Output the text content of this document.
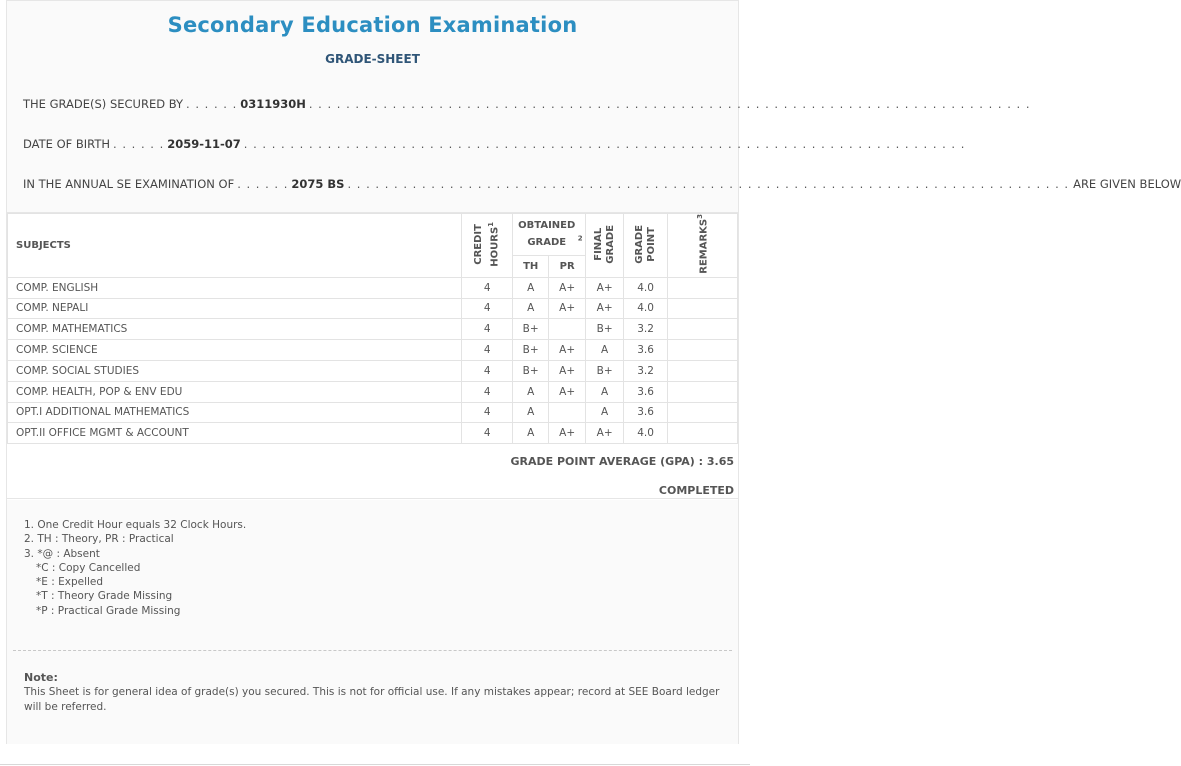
Secondary Education Examination
GRADE-SHEET
THE GRADE(S) SECURED BY . . . . . . 0311930H . . . . . . . . . . . . . . . . . . . . . . . . . . . . . . . . . . . . . . . . . . . . . . . . . . . . . . . . . . . . . . . . . . . . . . . . . . . . . .
DATE OF BIRTH . . . . . . 2059-11-07 . . . . . . . . . . . . . . . . . . . . . . . . . . . . . . . . . . . . . . . . . . . . . . . . . . . . . . . . . . . . . . . . . . . . . . . . . . . . . .
IN THE ANNUAL SE EXAMINATION OF . . . . . . 2075 BS . . . . . . . . . . . . . . . . . . . . . . . . . . . . . . . . . . . . . . . . . . . . . . . . . . . . . . . . . . . . . . . . . . . . . . . . . . . . . . ARE GIVEN BELOW
SUBJECTS	CREDIT HOURS$^1$	OBTAINED GRADE $^2$		FINAL GRADE	GRADE POINT	REMARKS$^3$
		TH	PR			
COMP. ENGLISH	4	A	A+	A+	4.0	
COMP. NEPALI	4	A	A+	A+	4.0	
COMP. MATHEMATICS	4	B+		B+	3.2	
COMP. SCIENCE	4	B+	A+	A	3.6	
COMP. SOCIAL STUDIES	4	B+	A+	B+	3.2	
COMP. HEALTH, POP & ENV EDU	4	A	A+	A	3.6	
OPT.I ADDITIONAL MATHEMATICS	4	A		A	3.6	
OPT.II OFFICE MGMT & ACCOUNT	4	A	A+	A+	4.0	
GRADE POINT AVERAGE (GPA) : 3.65
COMPLETED
1. One Credit Hour equals 32 Clock Hours.
2. TH : Theory, PR : Practical
3. *@ : Absent
*C : Copy Cancelled
*E : Expelled
*T : Theory Grade Missing
*P : Practical Grade Missing
Note:
This Sheet is for general idea of grade(s) you secured. This is not for official use. If any mistakes appear; record at SEE Board ledger will be referred.
